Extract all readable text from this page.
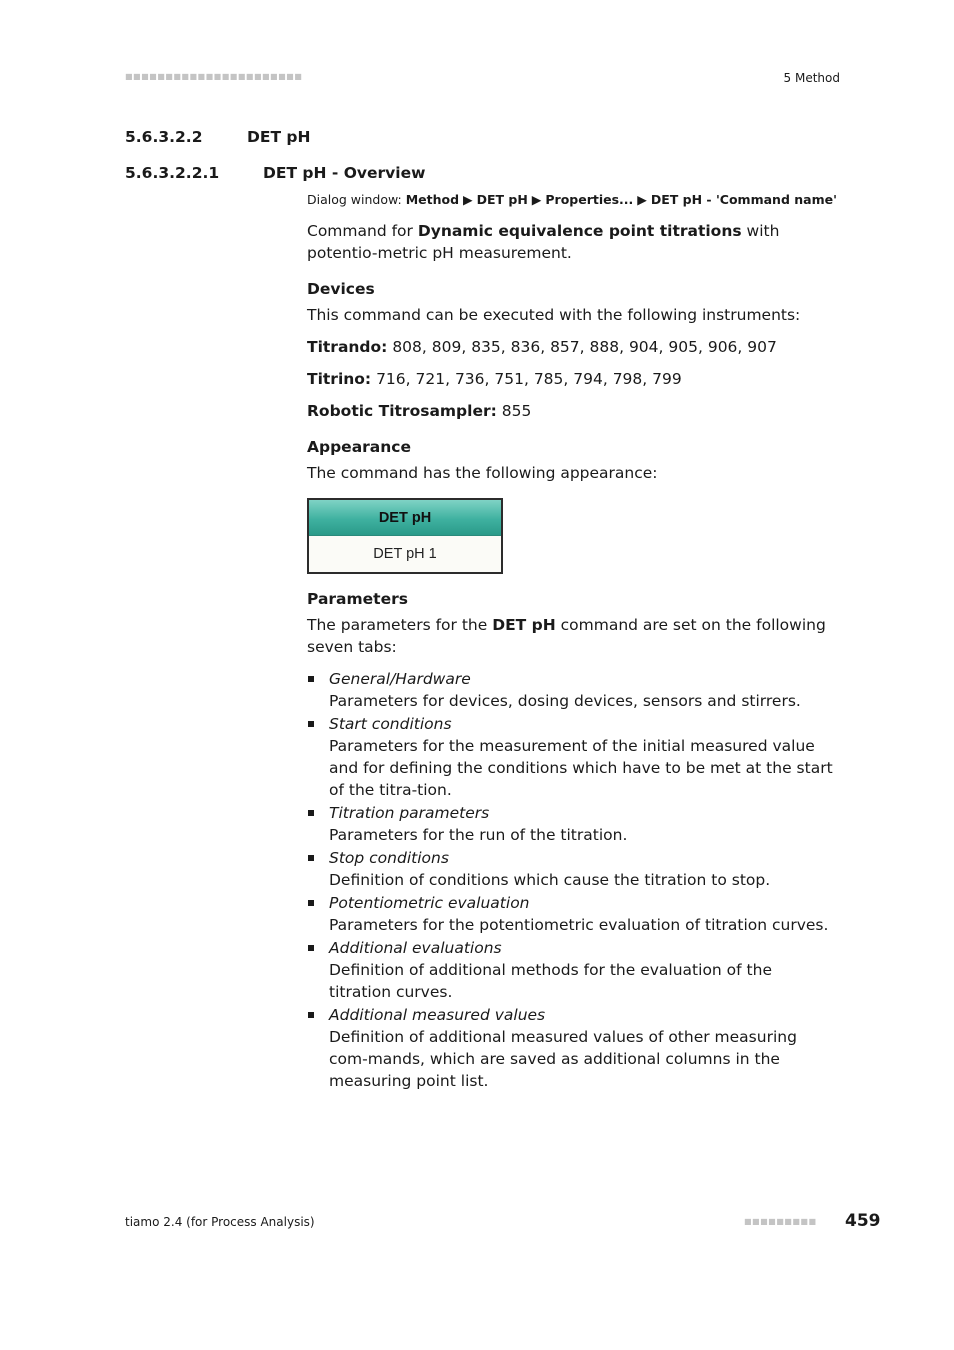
■■■■■■■■■■■■■■■■■■■■■■	5 Method
5.6.3.2.2	DET pH
5.6.3.2.2.1	DET pH - Overview
Dialog window: Method ▶ DET pH ▶ Properties... ▶ DET pH - 'Command name'

Command for Dynamic equivalence point titrations with potentio-metric pH measurement.

Devices

This command can be executed with the following instruments:

Titrando: 808, 809, 835, 836, 857, 888, 904, 905, 906, 907

Titrino: 716, 721, 736, 751, 785, 794, 798, 799

Robotic Titrosampler: 855

Appearance

The command has the following appearance:

DET pH
DET pH 1
Parameters

The parameters for the DET pH command are set on the following seven tabs:

General/Hardware
Parameters for devices, dosing devices, sensors and stirrers.
Start conditions
Parameters for the measurement of the initial measured value and for defining the conditions which have to be met at the start of the titra-tion.
Titration parameters
Parameters for the run of the titration.
Stop conditions
Definition of conditions which cause the titration to stop.
Potentiometric evaluation
Parameters for the potentiometric evaluation of titration curves.
Additional evaluations
Definition of additional methods for the evaluation of the titration curves.
Additional measured values
Definition of additional measured values of other measuring com-mands, which are saved as additional columns in the measuring point list.
tiamo 2.4 (for Process Analysis)	■■■■■■■■■ 459
